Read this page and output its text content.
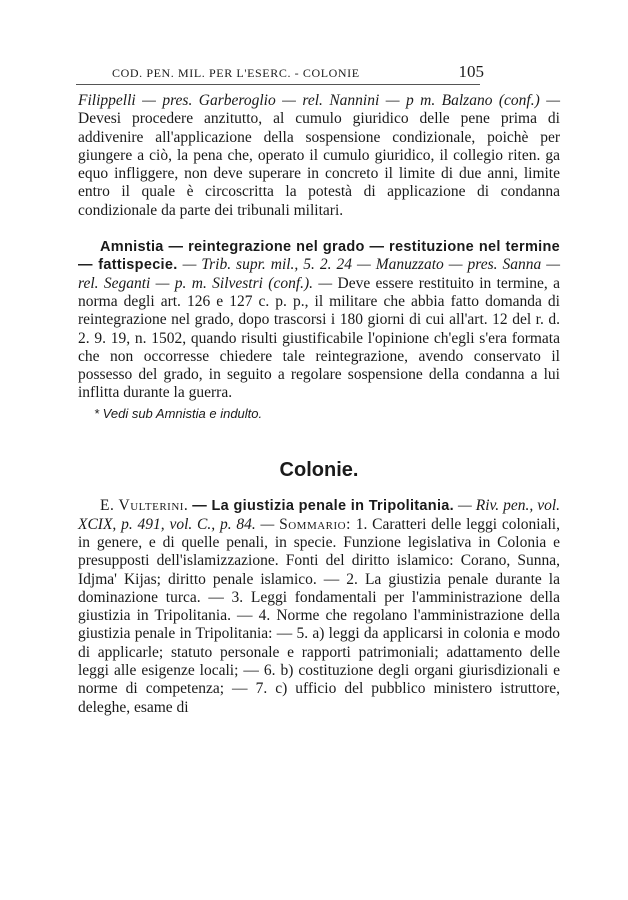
COD. PEN. MIL. PER L'ESERC. - COLONIE	105

Filippelli — pres. Garberoglio — rel. Nannini — p m. Balzano (conf.) — Devesi procedere anzitutto, al cumulo giuridico delle pene prima di addivenire all'applicazione della sospensione condizionale, poichè per giungere a ciò, la pena che, operato il cumulo giuridico, il collegio riten. ga equo infliggere, non deve superare in concreto il limite di due anni, limite entro il quale è circoscritta la potestà di applicazione di condanna condizionale da parte dei tribunali militari.

Amnistia — reintegrazione nel grado — restituzione nel termine — fattispecie. — Trib. supr. mil., 5. 2. 24 — Manuzzato — pres. Sanna — rel. Seganti — p. m. Silvestri (conf.). — Deve essere restituito in termine, a norma degli art. 126 e 127 c. p. p., il militare che abbia fatto domanda di reintegrazione nel grado, dopo trascorsi i 180 giorni di cui all'art. 12 del r. d. 2. 9. 19, n. 1502, quando risulti giustificabile l'opinione ch'egli s'era formata che non occorresse chiedere tale reintegrazione, avendo conservato il possesso del grado, in seguito a regolare sospensione della condanna a lui inflitta durante la guerra.

* Vedi sub Amnistia e indulto.
Colonie.

E. Vulterini. — La giustizia penale in Tripolitania. — Riv. pen., vol. XCIX, p. 491, vol. C., p. 84. — Sommario: 1. Caratteri delle leggi coloniali, in genere, e di quelle penali, in specie. Funzione legislativa in Colonia e presupposti dell'islamizzazione. Fonti del diritto islamico: Corano, Sunna, Idjma' Kijas; diritto penale islamico. — 2. La giustizia penale durante la dominazione turca. — 3. Leggi fondamentali per l'amministrazione della giustizia in Tripolitania. — 4. Norme che regolano l'amministrazione della giustizia penale in Tripolitania: — 5. a) leggi da applicarsi in colonia e modo di applicarle; statuto personale e rapporti patrimoniali; adattamento delle leggi alle esigenze locali; — 6. b) costituzione degli organi giurisdizionali e norme di competenza; — 7. c) ufficio del pubblico ministero istruttore, deleghe, esame di
